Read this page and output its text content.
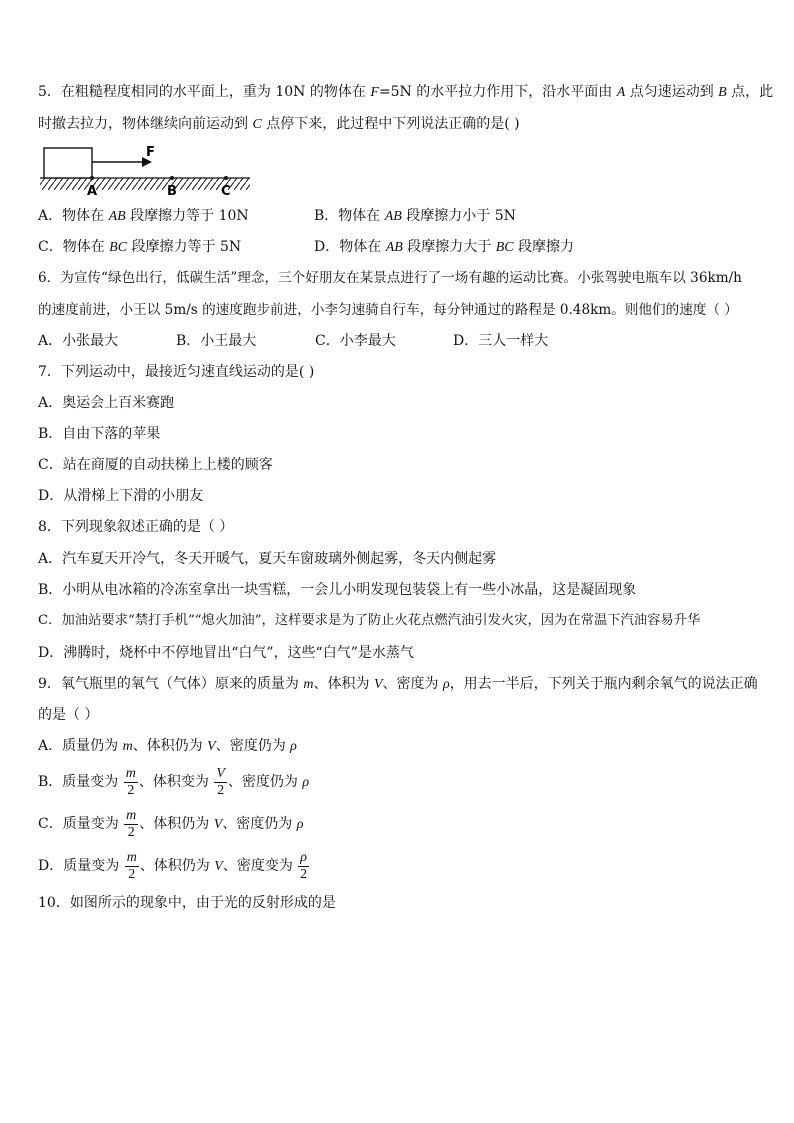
5．在粗糙程度相同的水平面上，重为 10N 的物体在 F=5N 的水平拉力作用下，沿水平面由 A 点匀速运动到 B 点，此
时撤去拉力，物体继续向前运动到 C 点停下来，此过程中下列说法正确的是( )
F
A	B	C
A．物体在 AB 段摩擦力等于 10N	B．物体在 AB 段摩擦力小于 5N
C．物体在 BC 段摩擦力等于 5N	D．物体在 AB 段摩擦力大于 BC 段摩擦力
6．为宣传“绿色出行，低碳生活”理念，三个好朋友在某景点进行了一场有趣的运动比赛。小张驾驶电瓶车以 36km/h
的速度前进，小王以 5m/s 的速度跑步前进，小李匀速骑自行车，每分钟通过的路程是 0.48km。则他们的速度（ ）
A．小张最大	B．小王最大	C．小李最大	D．三人一样大
7．下列运动中，最接近匀速直线运动的是( )
A．奥运会上百米赛跑
B．自由下落的苹果
C．站在商厦的自动扶梯上上楼的顾客
D．从滑梯上下滑的小朋友
8．下列现象叙述正确的是（ ）
A．汽车夏天开冷气，冬天开暖气，夏天车窗玻璃外侧起雾，冬天内侧起雾
B．小明从电冰箱的冷冻室拿出一块雪糕，一会儿小明发现包装袋上有一些小冰晶，这是凝固现象
C．加油站要求“禁打手机”“熄火加油”，这样要求是为了防止火花点燃汽油引发火灾，因为在常温下汽油容易升华
D．沸腾时，烧杯中不停地冒出“白气”，这些“白气”是水蒸气
9．氧气瓶里的氧气（气体）原来的质量为 m、体积为 V、密度为 ρ，用去一半后，下列关于瓶内剩余氧气的说法正确
的是（ ）
A．质量仍为 m、体积仍为 V、密度仍为 ρ
B．质量变为 $\frac{m}{2}$ 、体积变为 $\frac{V}{2}$ 、密度仍为 ρ
C．质量变为 $\frac{m}{2}$ 、体积仍为 V、密度仍为 ρ
D．质量变为 $\frac{m}{2}$ 、体积仍为 V、密度变为 $\frac{\rho}{2}$
10．如图所示的现象中，由于光的反射形成的是
